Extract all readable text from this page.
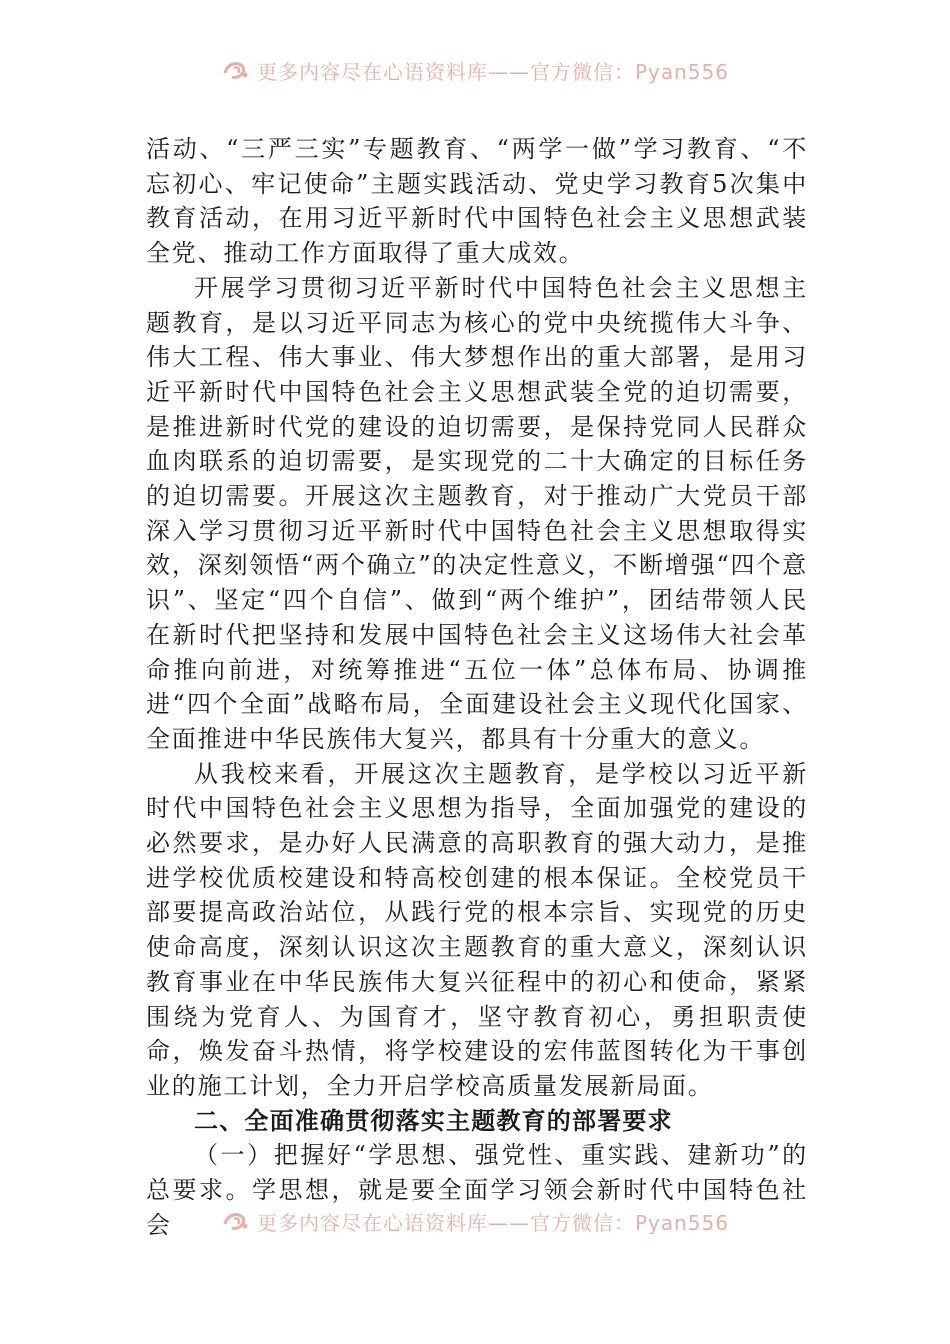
更多内容尽在心语资料库——官方微信：Pyan556

活动、“三严三实”专题教育、“两学一做”学习教育、“不忘初心、牢记使命”主题实践活动、党史学习教育5次集中教育活动，在用习近平新时代中国特色社会主义思想武装全党、推动工作方面取得了重大成效。

开展学习贯彻习近平新时代中国特色社会主义思想主题教育，是以习近平同志为核心的党中央统揽伟大斗争、伟大工程、伟大事业、伟大梦想作出的重大部署，是用习近平新时代中国特色社会主义思想武装全党的迫切需要，是推进新时代党的建设的迫切需要，是保持党同人民群众血肉联系的迫切需要，是实现党的二十大确定的目标任务的迫切需要。开展这次主题教育，对于推动广大党员干部深入学习贯彻习近平新时代中国特色社会主义思想取得实效，深刻领悟“两个确立”的决定性意义，不断增强“四个意识”、坚定“四个自信”、做到“两个维护”，团结带领人民在新时代把坚持和发展中国特色社会主义这场伟大社会革命推向前进，对统筹推进“五位一体”总体布局、协调推进“四个全面”战略布局，全面建设社会主义现代化国家、全面推进中华民族伟大复兴，都具有十分重大的意义。

从我校来看，开展这次主题教育，是学校以习近平新时代中国特色社会主义思想为指导，全面加强党的建设的必然要求，是办好人民满意的高职教育的强大动力，是推进学校优质校建设和特高校创建的根本保证。全校党员干部要提高政治站位，从践行党的根本宗旨、实现党的历史使命高度，深刻认识这次主题教育的重大意义，深刻认识教育事业在中华民族伟大复兴征程中的初心和使命，紧紧围绕为党育人、为国育才，坚守教育初心，勇担职责使命，焕发奋斗热情，将学校建设的宏伟蓝图转化为干事创业的施工计划，全力开启学校高质量发展新局面。

二、全面准确贯彻落实主题教育的部署要求

（一）把握好“学思想、强党性、重实践、建新功”的总要求。学思想，就是要全面学习领会新时代中国特色社会	更多内容尽在心语资料库——官方微信：Pyan556
